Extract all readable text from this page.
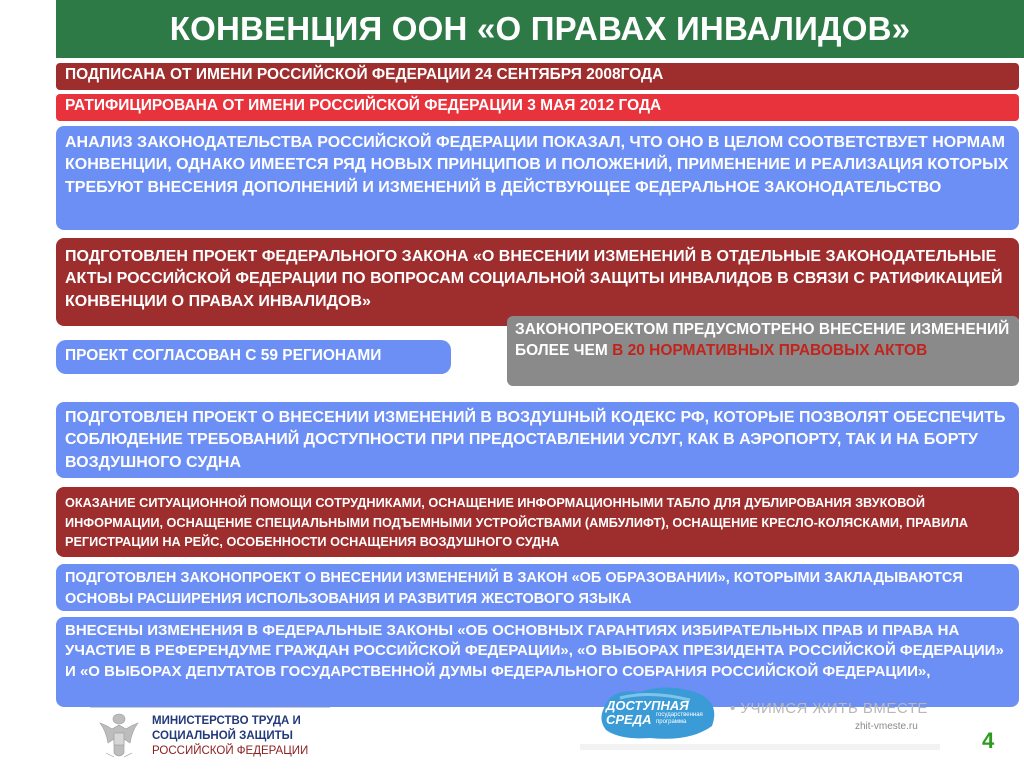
КОНВЕНЦИЯ ООН «О ПРАВАХ ИНВАЛИДОВ»
ПОДПИСАНА ОТ ИМЕНИ РОССИЙСКОЙ ФЕДЕРАЦИИ 24 СЕНТЯБРЯ 2008ГОДА
РАТИФИЦИРОВАНА ОТ ИМЕНИ РОССИЙСКОЙ ФЕДЕРАЦИИ 3 МАЯ 2012 ГОДА
АНАЛИЗ ЗАКОНОДАТЕЛЬСТВА РОССИЙСКОЙ ФЕДЕРАЦИИ ПОКАЗАЛ, ЧТО ОНО В ЦЕЛОМ СООТВЕТСТВУЕТ НОРМАМ КОНВЕНЦИИ, ОДНАКО ИМЕЕТСЯ РЯД НОВЫХ ПРИНЦИПОВ И ПОЛОЖЕНИЙ, ПРИМЕНЕНИЕ И РЕАЛИЗАЦИЯ КОТОРЫХ ТРЕБУЮТ ВНЕСЕНИЯ ДОПОЛНЕНИЙ И ИЗМЕНЕНИЙ В ДЕЙСТВУЮЩЕЕ ФЕДЕРАЛЬНОЕ ЗАКОНОДАТЕЛЬСТВО
ПОДГОТОВЛЕН ПРОЕКТ ФЕДЕРАЛЬНОГО ЗАКОНА «О ВНЕСЕНИИ ИЗМЕНЕНИЙ В ОТДЕЛЬНЫЕ ЗАКОНОДАТЕЛЬНЫЕ АКТЫ РОССИЙСКОЙ ФЕДЕРАЦИИ ПО ВОПРОСАМ СОЦИАЛЬНОЙ ЗАЩИТЫ ИНВАЛИДОВ В СВЯЗИ С РАТИФИКАЦИЕЙ КОНВЕНЦИИ О ПРАВАХ ИНВАЛИДОВ»
ПРОЕКТ СОГЛАСОВАН С 59 РЕГИОНАМИ
ЗАКОНОПРОЕКТОМ ПРЕДУСМОТРЕНО ВНЕСЕНИЕ ИЗМЕНЕНИЙ БОЛЕЕ ЧЕМ В 20 НОРМАТИВНЫХ ПРАВОВЫХ АКТОВ
ПОДГОТОВЛЕН ПРОЕКТ О ВНЕСЕНИИ ИЗМЕНЕНИЙ В ВОЗДУШНЫЙ КОДЕКС РФ, КОТОРЫЕ ПОЗВОЛЯТ ОБЕСПЕЧИТЬ СОБЛЮДЕНИЕ ТРЕБОВАНИЙ ДОСТУПНОСТИ ПРИ ПРЕДОСТАВЛЕНИИ УСЛУГ, КАК В АЭРОПОРТУ, ТАК И НА БОРТУ ВОЗДУШНОГО СУДНА
ОКАЗАНИЕ СИТУАЦИОННОЙ ПОМОЩИ СОТРУДНИКАМИ, ОСНАЩЕНИЕ ИНФОРМАЦИОННЫМИ ТАБЛО ДЛЯ ДУБЛИРОВАНИЯ ЗВУКОВОЙ ИНФОРМАЦИИ, ОСНАЩЕНИЕ СПЕЦИАЛЬНЫМИ ПОДЪЕМНЫМИ УСТРОЙСТВАМИ (АМБУЛИФТ), ОСНАЩЕНИЕ КРЕСЛО-КОЛЯСКАМИ, ПРАВИЛА РЕГИСТРАЦИИ НА РЕЙС, ОСОБЕННОСТИ ОСНАЩЕНИЯ ВОЗДУШНОГО СУДНА
ПОДГОТОВЛЕН ЗАКОНОПРОЕКТ О ВНЕСЕНИИ ИЗМЕНЕНИЙ В ЗАКОН «ОБ ОБРАЗОВАНИИ», КОТОРЫМИ ЗАКЛАДЫВАЮТСЯ ОСНОВЫ РАСШИРЕНИЯ ИСПОЛЬЗОВАНИЯ И РАЗВИТИЯ ЖЕСТОВОГО ЯЗЫКА
ВНЕСЕНЫ ИЗМЕНЕНИЯ В ФЕДЕРАЛЬНЫЕ ЗАКОНЫ «ОБ ОСНОВНЫХ ГАРАНТИЯХ ИЗБИРАТЕЛЬНЫХ ПРАВ И ПРАВА НА УЧАСТИЕ В РЕФЕРЕНДУМЕ ГРАЖДАН РОССИЙСКОЙ ФЕДЕРАЦИИ», «О ВЫБОРАХ ПРЕЗИДЕНТА РОССИЙСКОЙ ФЕДЕРАЦИИ» И «О ВЫБОРАХ ДЕПУТАТОВ ГОСУДАРСТВЕННОЙ ДУМЫ ФЕДЕРАЛЬНОГО СОБРАНИЯ РОССИЙСКОЙ ФЕДЕРАЦИИ»,
МИНИСТЕРСТВО ТРУДА И
СОЦИАЛЬНОЙ ЗАЩИТЫ
РОССИЙСКОЙ ФЕДЕРАЦИИ
ДОСТУПНАЯ
СРЕДА государственная программа
• УЧИМСЯ ЖИТЬ ВМЕСТЕ
zhit-vmeste.ru
4
